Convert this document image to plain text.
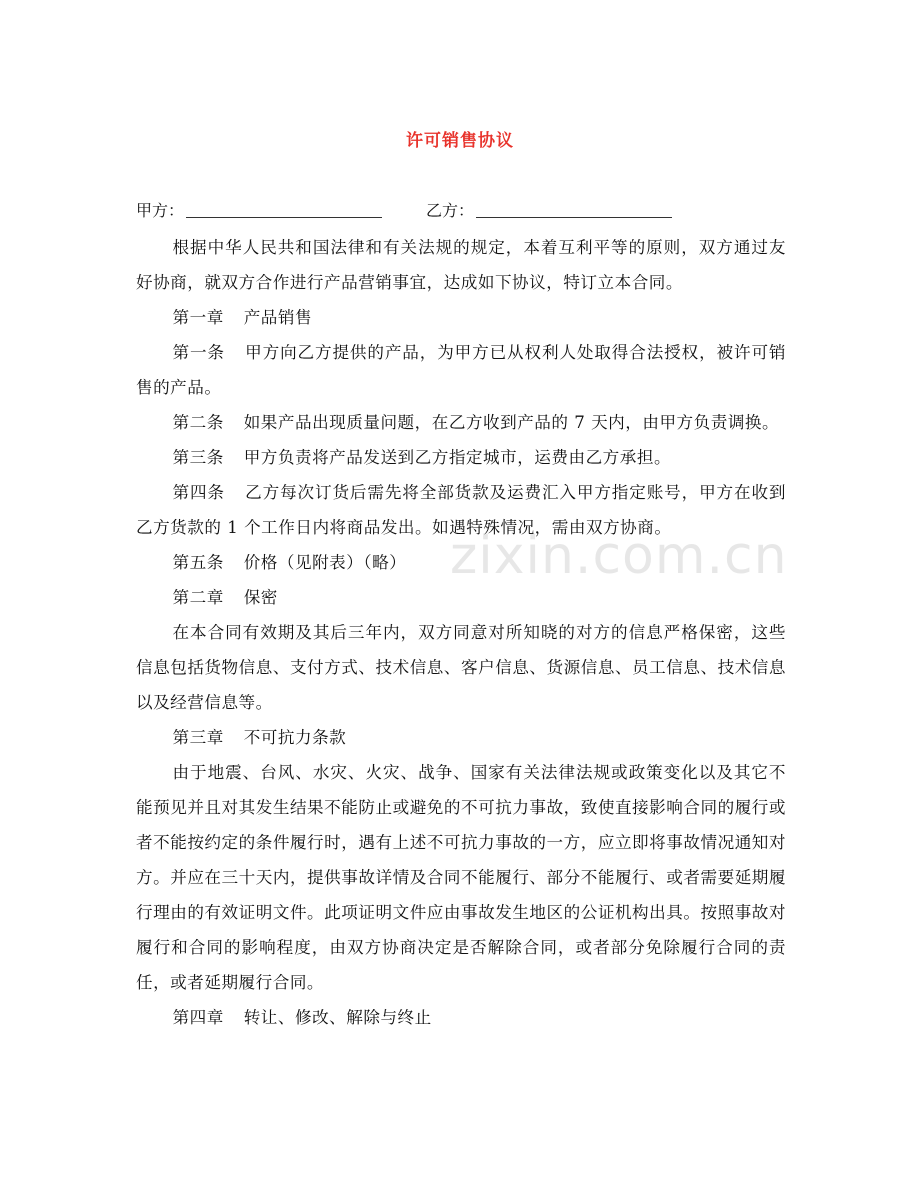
许可销售协议
甲方：	乙方：

根据中华人民共和国法律和有关法规的规定，本着互利平等的原则，双方通过友好协商，就双方合作进行产品营销事宜，达成如下协议，特订立本合同。

第一章 产品销售

第一条 甲方向乙方提供的产品，为甲方已从权利人处取得合法授权，被许可销售的产品。

第二条 如果产品出现质量问题，在乙方收到产品的 7 天内，由甲方负责调换。

第三条 甲方负责将产品发送到乙方指定城市，运费由乙方承担。

第四条 乙方每次订货后需先将全部货款及运费汇入甲方指定账号，甲方在收到乙方货款的 1 个工作日内将商品发出。如遇特殊情况，需由双方协商。

第五条 价格（见附表）（略）

第二章 保密

在本合同有效期及其后三年内，双方同意对所知晓的对方的信息严格保密，这些信息包括货物信息、支付方式、技术信息、客户信息、货源信息、员工信息、技术信息以及经营信息等。

第三章 不可抗力条款

由于地震、台风、水灾、火灾、战争、国家有关法律法规或政策变化以及其它不能预见并且对其发生结果不能防止或避免的不可抗力事故，致使直接影响合同的履行或者不能按约定的条件履行时，遇有上述不可抗力事故的一方，应立即将事故情况通知对方。并应在三十天内，提供事故详情及合同不能履行、部分不能履行、或者需要延期履行理由的有效证明文件。此项证明文件应由事故发生地区的公证机构出具。按照事故对履行和合同的影响程度，由双方协商决定是否解除合同，或者部分免除履行合同的责任，或者延期履行合同。

第四章 转让、修改、解除与终止

zixin.com.cn
